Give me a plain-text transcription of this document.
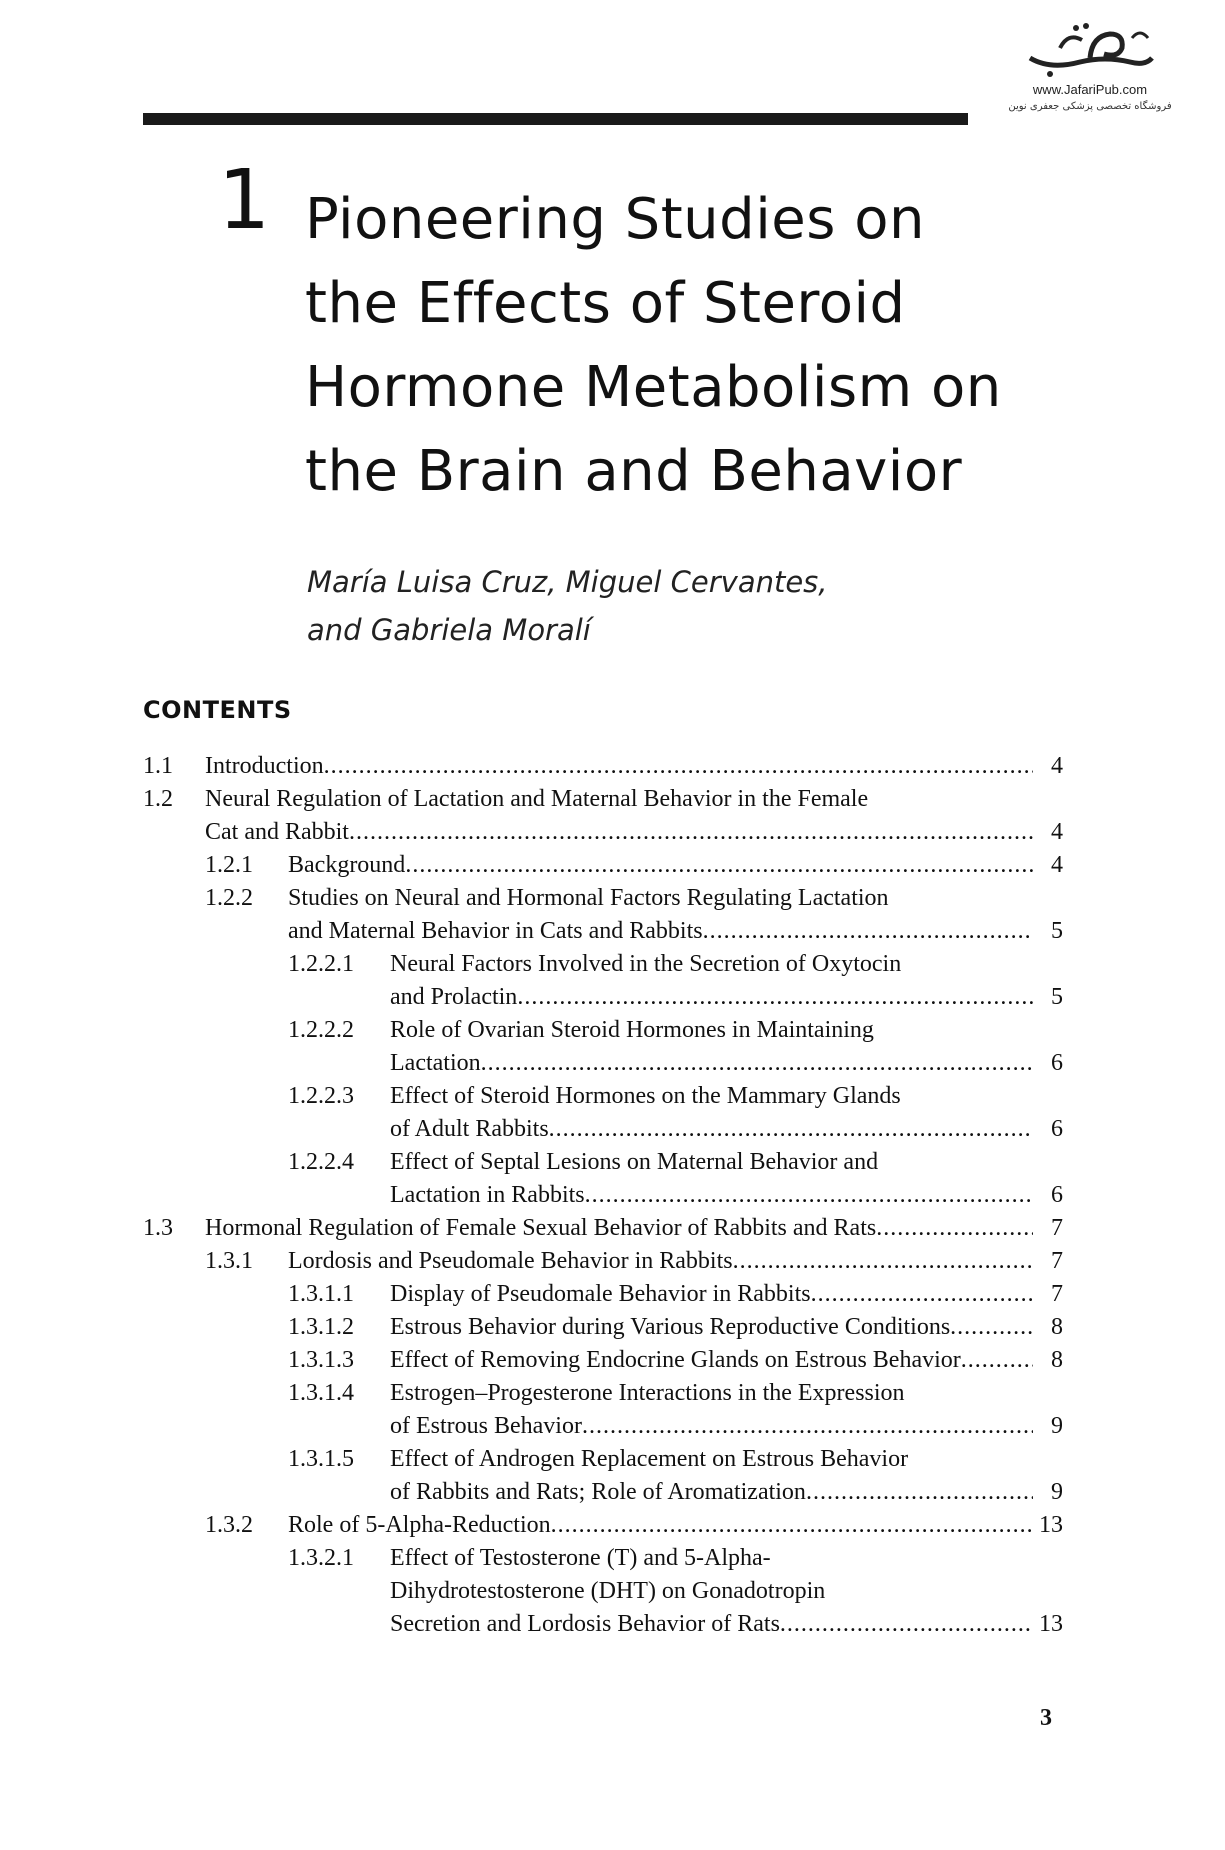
www.JafariPub.com
فروشگاه تخصصی پزشکی جعفری نوین
1 Pioneering Studies on
the Effects of Steroid
Hormone Metabolism on
the Brain and Behavior
María Luisa Cruz, Miguel Cervantes,
and Gabriela Moralí
CONTENTS
1.1 Introduction .....	4
1.2 Neural Regulation of Lactation and Maternal Behavior in the Female
Cat and Rabbit .....	4
1.2.1 Background .....	4
1.2.2 Studies on Neural and Hormonal Factors Regulating Lactation
and Maternal Behavior in Cats and Rabbits .....	5
1.2.2.1 Neural Factors Involved in the Secretion of Oxytocin
and Prolactin .....	5
1.2.2.2 Role of Ovarian Steroid Hormones in Maintaining
Lactation .....	6
1.2.2.3 Effect of Steroid Hormones on the Mammary Glands
of Adult Rabbits .....	6
1.2.2.4 Effect of Septal Lesions on Maternal Behavior and
Lactation in Rabbits .....	6
1.3 Hormonal Regulation of Female Sexual Behavior of Rabbits and Rats .....	7
1.3.1 Lordosis and Pseudomale Behavior in Rabbits .....	7
1.3.1.1 Display of Pseudomale Behavior in Rabbits .....	7
1.3.1.2 Estrous Behavior during Various Reproductive Conditions .....	8
1.3.1.3 Effect of Removing Endocrine Glands on Estrous Behavior .....	8
1.3.1.4 Estrogen–Progesterone Interactions in the Expression
of Estrous Behavior .....	9
1.3.1.5 Effect of Androgen Replacement on Estrous Behavior
of Rabbits and Rats; Role of Aromatization .....	9
1.3.2 Role of 5-Alpha-Reduction .....	13
1.3.2.1 Effect of Testosterone (T) and 5-Alpha-
Dihydrotestosterone (DHT) on Gonadotropin
Secretion and Lordosis Behavior of Rats .....	13
3
